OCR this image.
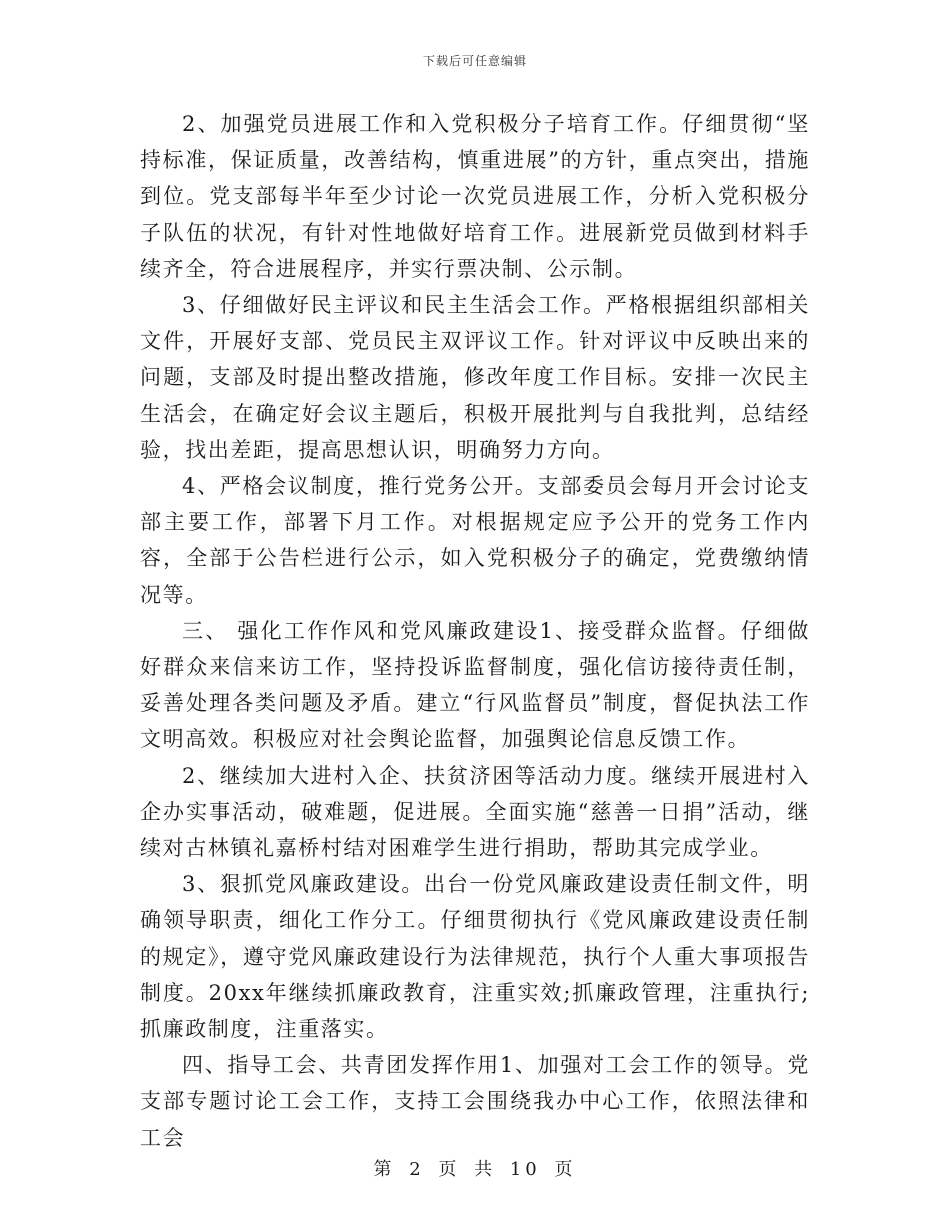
下载后可任意编辑

2、加强党员进展工作和入党积极分子培育工作。仔细贯彻“坚持标准，保证质量，改善结构，慎重进展”的方针，重点突出，措施到位。党支部每半年至少讨论一次党员进展工作，分析入党积极分子队伍的状况，有针对性地做好培育工作。进展新党员做到材料手续齐全，符合进展程序，并实行票决制、公示制。

3、仔细做好民主评议和民主生活会工作。严格根据组织部相关文件，开展好支部、党员民主双评议工作。针对评议中反映出来的问题，支部及时提出整改措施，修改年度工作目标。安排一次民主生活会，在确定好会议主题后，积极开展批判与自我批判，总结经验，找出差距，提高思想认识，明确努力方向。

4、严格会议制度，推行党务公开。支部委员会每月开会讨论支部主要工作，部署下月工作。对根据规定应予公开的党务工作内容，全部于公告栏进行公示，如入党积极分子的确定，党费缴纳情况等。

三、 强化工作作风和党风廉政建设1、接受群众监督。仔细做好群众来信来访工作，坚持投诉监督制度，强化信访接待责任制，妥善处理各类问题及矛盾。建立“行风监督员”制度，督促执法工作文明高效。积极应对社会舆论监督，加强舆论信息反馈工作。

2、继续加大进村入企、扶贫济困等活动力度。继续开展进村入企办实事活动，破难题，促进展。全面实施“慈善一日捐”活动，继续对古林镇礼嘉桥村结对困难学生进行捐助，帮助其完成学业。

3、狠抓党风廉政建设。出台一份党风廉政建设责任制文件，明确领导职责，细化工作分工。仔细贯彻执行《党风廉政建设责任制的规定》，遵守党风廉政建设行为法律规范，执行个人重大事项报告制度。20xx年继续抓廉政教育，注重实效;抓廉政管理，注重执行;抓廉政制度，注重落实。

四、指导工会、共青团发挥作用1、加强对工会工作的领导。党支部专题讨论工会工作，支持工会围绕我办中心工作，依照法律和工会

第 2 页 共 10 页
